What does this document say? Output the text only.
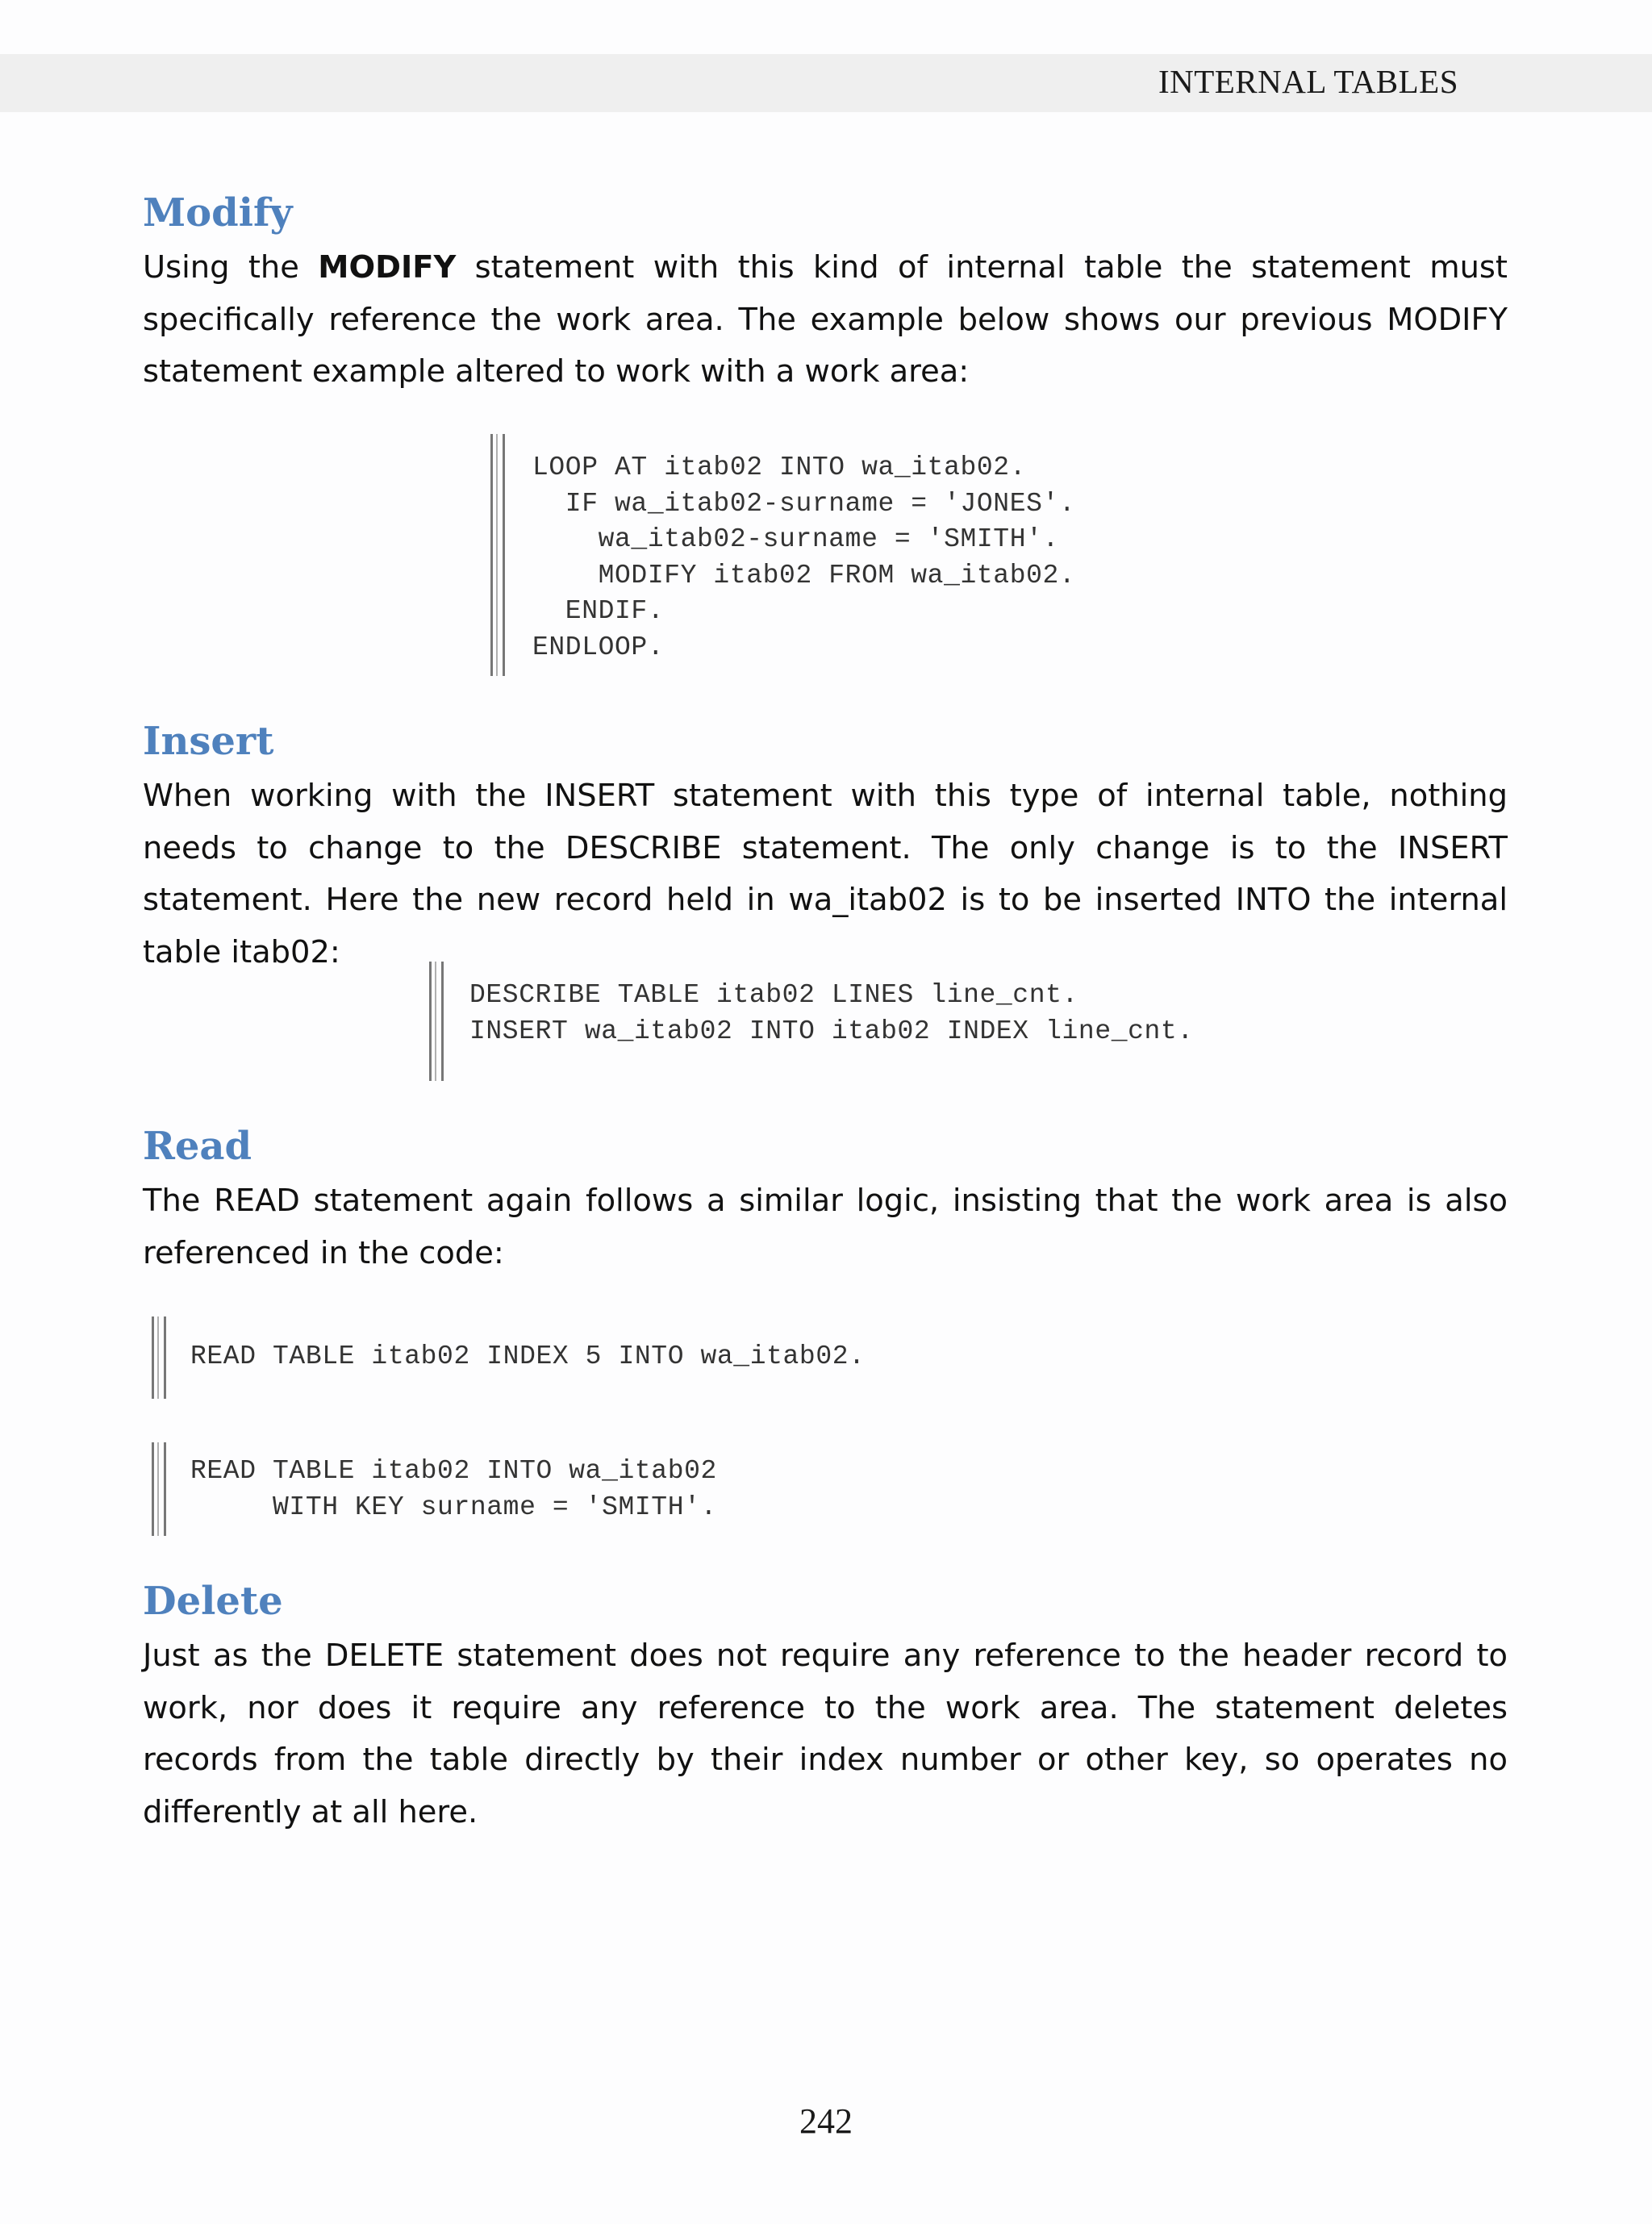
INTERNAL TABLES
Modify

Using the MODIFY statement with this kind of internal table the statement must specifically reference the work area. The example below shows our previous MODIFY statement example altered to work with a work area:

LOOP AT itab02 INTO wa_itab02.
IF wa_itab02-surname = 'JONES'.
wa_itab02-surname = 'SMITH'.
MODIFY itab02 FROM wa_itab02.
ENDIF.
ENDLOOP.
Insert

When working with the INSERT statement with this type of internal table, nothing needs to change to the DESCRIBE statement. The only change is to the INSERT statement. Here the new record held in wa_itab02 is to be inserted INTO the internal table itab02:

DESCRIBE TABLE itab02 LINES line_cnt.
INSERT wa_itab02 INTO itab02 INDEX line_cnt.
Read

The READ statement again follows a similar logic, insisting that the work area is also referenced in the code:

READ TABLE itab02 INDEX 5 INTO wa_itab02.
READ TABLE itab02 INTO wa_itab02
WITH KEY surname = 'SMITH'.
Delete

Just as the DELETE statement does not require any reference to the header record to work, nor does it require any reference to the work area. The statement deletes records from the table directly by their index number or other key, so operates no differently at all here.

242
